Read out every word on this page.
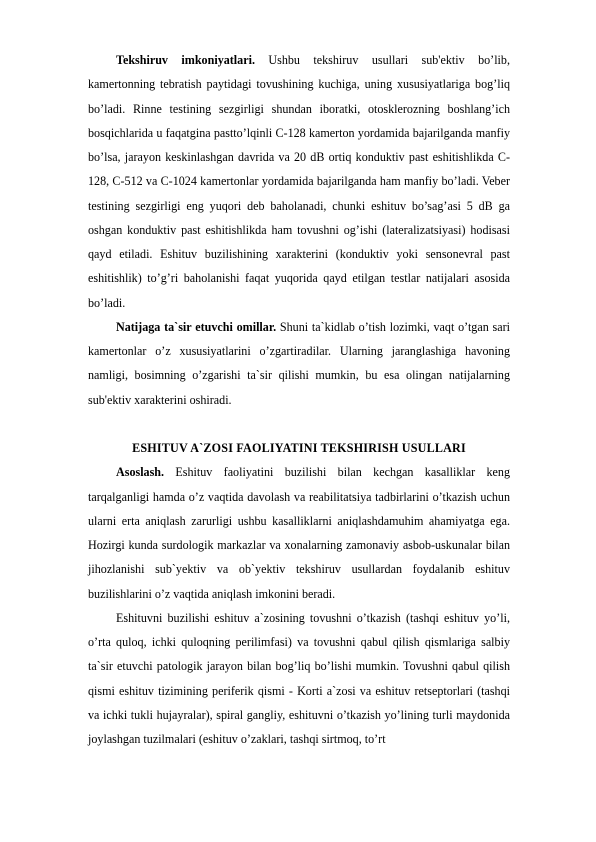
Tekshiruv imkoniyatlari. Ushbu tekshiruv usullari sub'ektiv bo’lib, kamertonning tebratish paytidagi tovushining kuchiga, uning xususiyatlariga bog’liq bo’ladi. Rinne testining sezgirligi shundan iboratki, otosklerozning boshlang’ich bosqichlarida u faqatgina pastto’lqinli C-128 kamerton yordamida bajarilganda manfiy bo’lsa, jarayon keskinlashgan davrida va 20 dB ortiq konduktiv past eshitishlikda C-128, C-512 va C-1024 kamertonlar yordamida bajarilganda ham manfiy bo’ladi. Veber testining sezgirligi eng yuqori deb baholanadi, chunki eshituv bo’sag’asi 5 dB ga oshgan konduktiv past eshitishlikda ham tovushni og’ishi (lateralizatsiyasi) hodisasi qayd etiladi. Eshituv buzilishining xarakterini (konduktiv yoki sensonevral past eshitishlik) to’g’ri baholanishi faqat yuqorida qayd etilgan testlar natijalari asosida bo’ladi.

Natijaga ta`sir etuvchi omillar. Shuni ta`kidlab o’tish lozimki, vaqt o’tgan sari kamertonlar o’z xususiyatlarini o’zgartiradilar. Ularning jaranglashiga havoning namligi, bosimning o’zgarishi ta`sir qilishi mumkin, bu esa olingan natijalarning sub'ektiv xarakterini oshiradi.

ESHITUV A`ZOSI FAOLIYATINI TEKSHIRISH USULLARI

Asoslash. Eshituv faoliyatini buzilishi bilan kechgan kasalliklar keng tarqalganligi hamda o’z vaqtida davolash va reabilitatsiya tadbirlarini o’tkazish uchun ularni erta aniqlash zarurligi ushbu kasalliklarni aniqlashdamuhim ahamiyatga ega. Hozirgi kunda surdologik markazlar va xonalarning zamonaviy asbob-uskunalar bilan jihozlanishi sub`yektiv va ob`yektiv tekshiruv usullardan foydalanib eshituv buzilishlarini o’z vaqtida aniqlash imkonini beradi.

Eshituvni buzilishi eshituv a`zosining tovushni o’tkazish (tashqi eshituv yo’li, o’rta quloq, ichki quloqning perilimfasi) va tovushni qabul qilish qismlariga salbiy ta`sir etuvchi patologik jarayon bilan bog’liq bo’lishi mumkin. Tovushni qabul qilish qismi eshituv tizimining periferik qismi - Korti a`zosi va eshituv retseptorlari (tashqi va ichki tukli hujayralar), spiral gangliy, eshituvni o’tkazish yo’lining turli maydonida joylashgan tuzilmalari (eshituv o’zaklari, tashqi sirtmoq, to’rt
